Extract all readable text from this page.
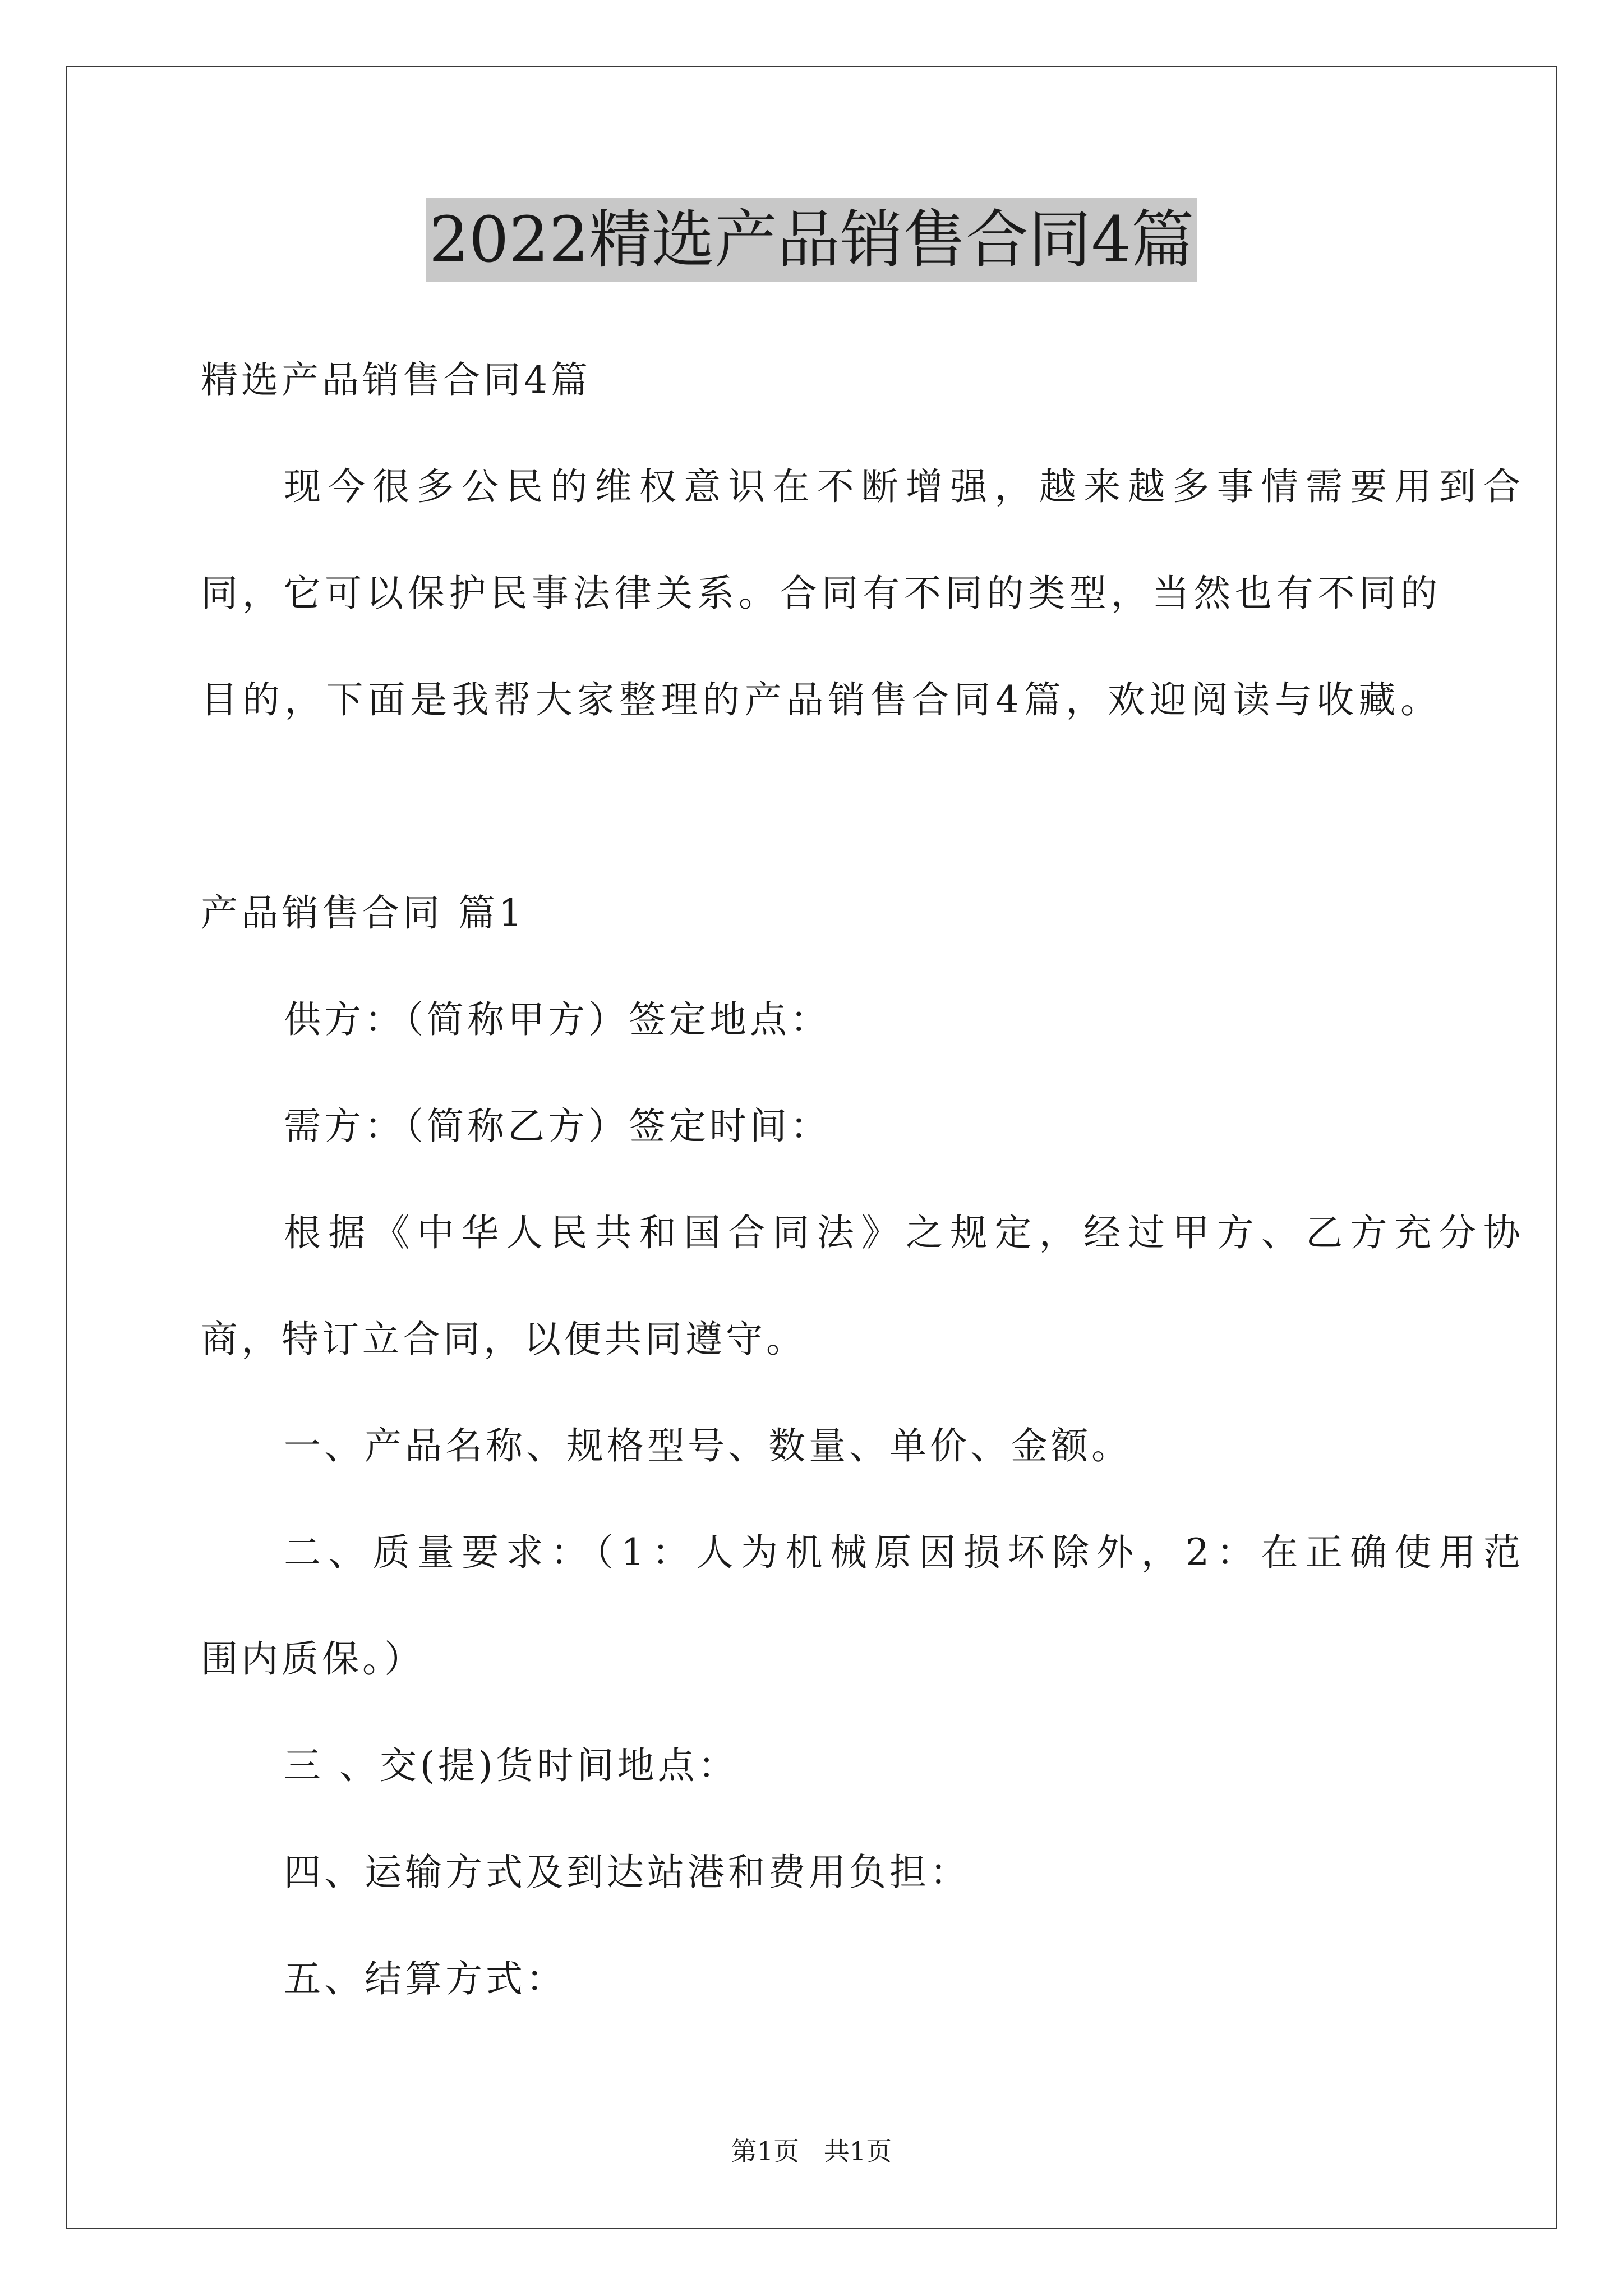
2022精选产品销售合同4篇
精选产品销售合同4篇
现今很多公民的维权意识在不断增强，越来越多事情需要用到合
同，它可以保护民事法律关系。合同有不同的类型，当然也有不同的
目的，下面是我帮大家整理的产品销售合同4篇，欢迎阅读与收藏。
产品销售合同 篇1
供方：（简称甲方）签定地点：
需方：（简称乙方）签定时间：
根据《中华人民共和国合同法》之规定，经过甲方、乙方充分协
商，特订立合同，以便共同遵守。
一、产品名称、规格型号、数量、单价、金额。
二、质量要求：（1：人为机械原因损坏除外，2：在正确使用范
围内质保。）
三 、交(提)货时间地点：
四、运输方式及到达站港和费用负担：
五、结算方式：
第1页   共1页
